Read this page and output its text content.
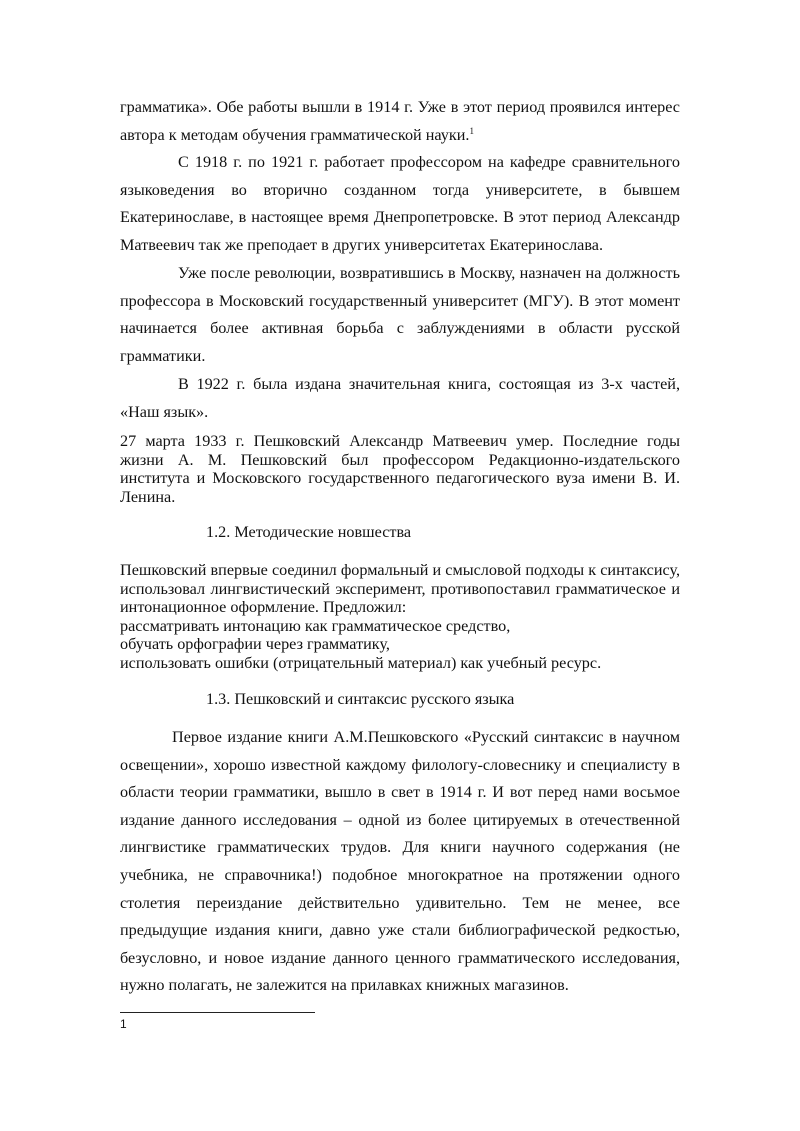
грамматика». Обе работы вышли в 1914 г. Уже в этот период проявился интерес автора к методам обучения грамматической науки.$^1$

С 1918 г. по 1921 г. работает профессором на кафедре сравнительного языковедения во вторично созданном тогда университете, в бывшем Екатеринославе, в настоящее время Днепропетровске. В этот период Александр Матвеевич так же преподает в других университетах Екатеринослава.

Уже после революции, возвратившись в Москву, назначен на должность профессора в Московский государственный университет (МГУ). В этот момент начинается более активная борьба с заблуждениями в области русской грамматики.

В 1922 г. была издана значительная книга, состоящая из 3-х частей, «Наш язык».

27 марта 1933 г. Пешковский Александр Матвеевич умер. Последние годы жизни А. М. Пешковский был профессором Редакционно-издательского института и Московского государственного педагогического вуза имени В. И. Ленина.

1.2. Методические новшества

Пешковский впервые соединил формальный и смысловой подходы к синтаксису, использовал лингвистический эксперимент, противопоставил грамматическое и интонационное оформление. Предложил:
рассматривать интонацию как грамматическое средство,
обучать орфографии через грамматику,
использовать ошибки (отрицательный материал) как учебный ресурс.

1.3. Пешковский и синтаксис русского языка

Первое издание книги А.М.Пешковского «Русский синтаксис в научном освещении», хорошо известной каждому филологу-словеснику и специалисту в области теории грамматики, вышло в свет в 1914 г. И вот перед нами восьмое издание данного исследования – одной из более цитируемых в отечественной лингвистике грамматических трудов. Для книги научного содержания (не учебника, не справочника!) подобное многократное на протяжении одного столетия переиздание действительно удивительно. Тем не менее, все предыдущие издания книги, давно уже стали библиографической редкостью, безусловно, и новое издание данного ценного грамматического исследования, нужно полагать, не залежится на прилавках книжных магазинов.

1
